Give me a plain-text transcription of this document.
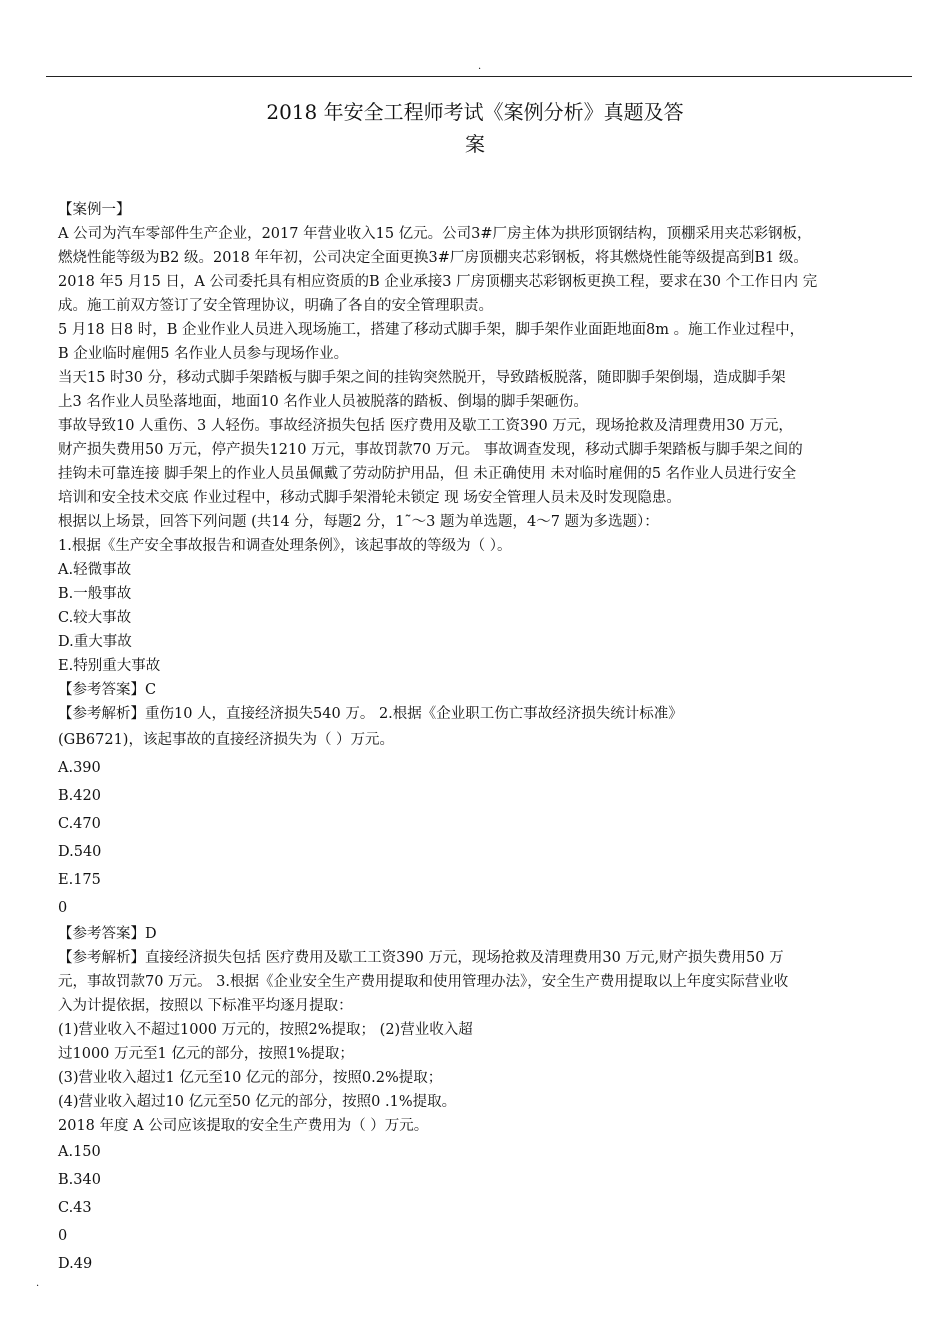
.
2018 年安全工程师考试《案例分析》真题及答
案
【案例一】
A 公司为汽车零部件生产企业，2017 年营业收入15 亿元。公司3#厂房主体为拱形顶钢结构，顶棚采用夹芯彩钢板，
燃烧性能等级为B2 级。2018 年年初，公司决定全面更换3#厂房顶棚夹芯彩钢板，将其燃烧性能等级提高到B1 级。
2018 年5 月15 日，A 公司委托具有相应资质的B 企业承接3 厂房顶棚夹芯彩钢板更换工程，要求在30 个工作日内 完
成。施工前双方签订了安全管理协议，明确了各自的安全管理职责。
5 月18 日8 时，B 企业作业人员进入现场施工，搭建了移动式脚手架，脚手架作业面距地面8m 。施工作业过程中，
B 企业临时雇佣5 名作业人员参与现场作业。
当天15 时30 分，移动式脚手架踏板与脚手架之间的挂钩突然脱开，导致踏板脱落，随即脚手架倒塌，造成脚手架
上3 名作业人员坠落地面，地面10 名作业人员被脱落的踏板、倒塌的脚手架砸伤。
事故导致10 人重伤、3 人轻伤。事故经济损失包括 医疗费用及歇工工资390 万元，现场抢救及清理费用30 万元，
财产损失费用50 万元，停产损失1210 万元，事故罚款70 万元。 事故调查发现，移动式脚手架踏板与脚手架之间的
挂钩未可靠连接 脚手架上的作业人员虽佩戴了劳动防护用品，但 未正确使用 未对临时雇佣的5 名作业人员进行安全
培训和安全技术交底 作业过程中，移动式脚手架滑轮未锁定 现 场安全管理人员未及时发现隐患。
根据以上场景，回答下列问题 (共14 分，每题2 分，1˜～3 题为单选题，4～7 题为多选题）：
1.根据《生产安全事故报告和调查处理条例》，该起事故的等级为（ ）。
A.轻微事故
B.一般事故
C.较大事故
D.重大事故
E.特别重大事故
【参考答案】C
【参考解析】重伤10 人，直接经济损失540 万。 2.根据《企业职工伤亡事故经济损失统计标准》
(GB6721)，该起事故的直接经济损失为（ ）万元。
A.390
B.420
C.470
D.540
E.175
0
【参考答案】D
【参考解析】直接经济损失包括 医疗费用及歇工工资390 万元，现场抢救及清理费用30 万元,财产损失费用50 万
元，事故罚款70 万元。 3.根据《企业安全生产费用提取和使用管理办法》，安全生产费用提取以上年度实际营业收
入为计提依据，按照以 下标准平均逐月提取：
(1)营业收入不超过1000 万元的，按照2%提取； (2)营业收入超
过1000 万元至1 亿元的部分，按照1%提取；
(3)营业收入超过1 亿元至10 亿元的部分，按照0.2%提取；
(4)营业收入超过10 亿元至50 亿元的部分，按照0 .1%提取。
2018 年度 A 公司应该提取的安全生产费用为（ ）万元。
A.150
B.340
C.43
0
D.49
.
